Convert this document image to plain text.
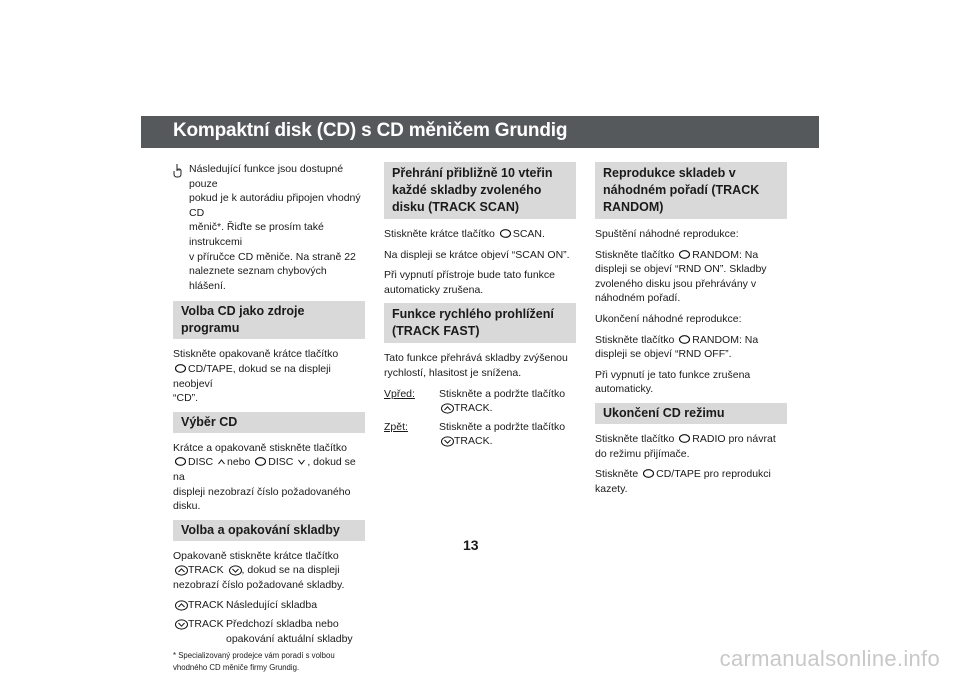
Kompaktní disk (CD) s CD měničem Grundig

Následující funkce jsou dostupné pouze
pokud je k autorádiu připojen vhodný CD
měnič*. Řiďte se prosím také instrukcemi
v příručce CD měniče. Na straně 22
naleznete seznam chybových hlášení.

Volba CD jako zdroje programu

Stiskněte opakovaně krátce tlačítko

CD/TAPE, dokud se na displeji neobjeví
“CD”.

Výběr CD

Krátce a opakovaně stiskněte tlačítko

DISC nebo DISC , dokud se na
displeji nezobrazí číslo požadovaného disku.

Volba a opakování skladby

Opakovaně stiskněte krátce tlačítko

TRACK , dokud se na displeji
nezobrazí číslo požadované skladby.

TRACK Následující skladba
TRACK Předchozí skladba nebo opakování aktuální skladby
* Specializovaný prodejce vám poradí s volbou vhodného CD měniče firmy Grundig.
Přehrání přibližně 10 vteřin každé skladby zvoleného disku (TRACK SCAN)

Stiskněte krátce tlačítko SCAN.

Na displeji se krátce objeví “SCAN ON”.

Při vypnutí přístroje bude tato funkce automaticky zrušena.

Funkce rychlého prohlížení (TRACK FAST)

Tato funkce přehrává skladby zvýšenou rychlostí, hlasitost je snížena.

Vpřed:	Stiskněte a podržte tlačítko

TRACK.
Zpět:	Stiskněte a podržte tlačítko

TRACK.
Reprodukce skladeb v náhodném pořadí (TRACK RANDOM)

Spuštění náhodné reprodukce:

Stiskněte tlačítko RANDOM: Na displeji se objeví “RND ON”. Skladby zvoleného disku jsou přehrávány v náhodném pořadí.

Ukončení náhodné reprodukce:

Stiskněte tlačítko RANDOM: Na displeji se objeví “RND OFF”.

Při vypnutí je tato funkce zrušena automaticky.

Ukončení CD režimu

Stiskněte tlačítko RADIO pro návrat do režimu přijímače.

Stiskněte CD/TAPE pro reprodukci kazety.

13
carmanualsonline.info
